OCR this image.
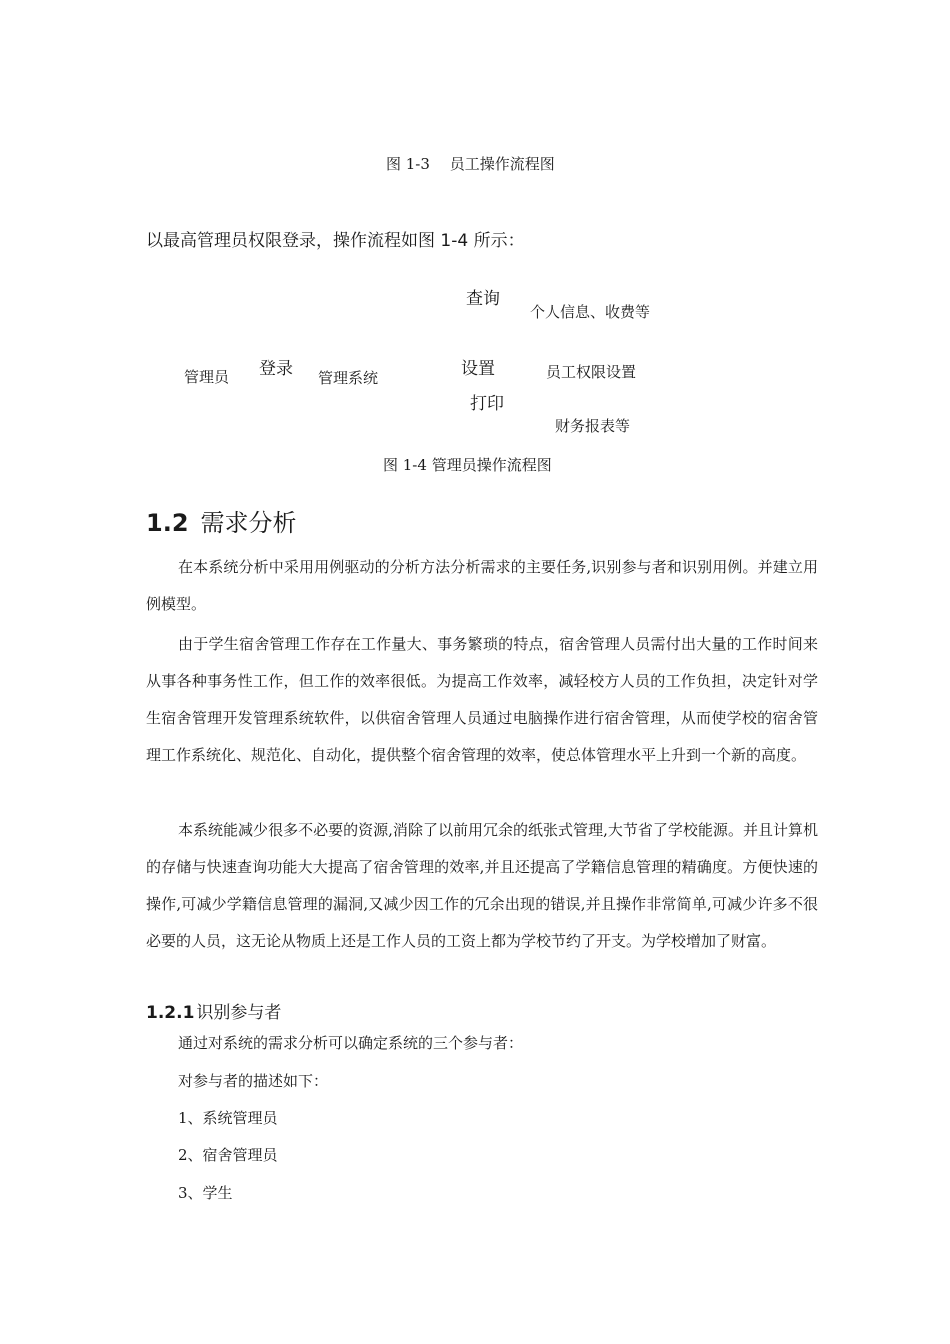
图 1-3　 员工操作流程图
以最高管理员权限登录，操作流程如图 1-4 所示：
查询
个人信息、收费等
管理员 登录 管理系统	设置	员工权限设置
打印
财务报表等
图 1-4 管理员操作流程图
1.2 需求分析

在本系统分析中采用用例驱动的分析方法分析需求的主要任务,识别参与者和识别用例。并建立用例模型。

由于学生宿舍管理工作存在工作量大、事务繁琐的特点，宿舍管理人员需付出大量的工作时间来从事各种事务性工作，但工作的效率很低。为提高工作效率，减轻校方人员的工作负担，决定针对学生宿舍管理开发管理系统软件，以供宿舍管理人员通过电脑操作进行宿舍管理，从而使学校的宿舍管理工作系统化、规范化、自动化，提供整个宿舍管理的效率，使总体管理水平上升到一个新的高度。

本系统能减少很多不必要的资源,消除了以前用冗余的纸张式管理,大节省了学校能源。并且计算机的存储与快速查询功能大大提高了宿舍管理的效率,并且还提高了学籍信息管理的精确度。方便快速的操作,可减少学籍信息管理的漏洞,又减少因工作的冗余出现的错误,并且操作非常简单,可减少许多不很必要的人员，这无论从物质上还是工作人员的工资上都为学校节约了开支。为学校增加了财富。

1.2.1 识别参与者
通过对系统的需求分析可以确定系统的三个参与者：
对参与者的描述如下：
1、系统管理员
2、宿舍管理员
3、学生
